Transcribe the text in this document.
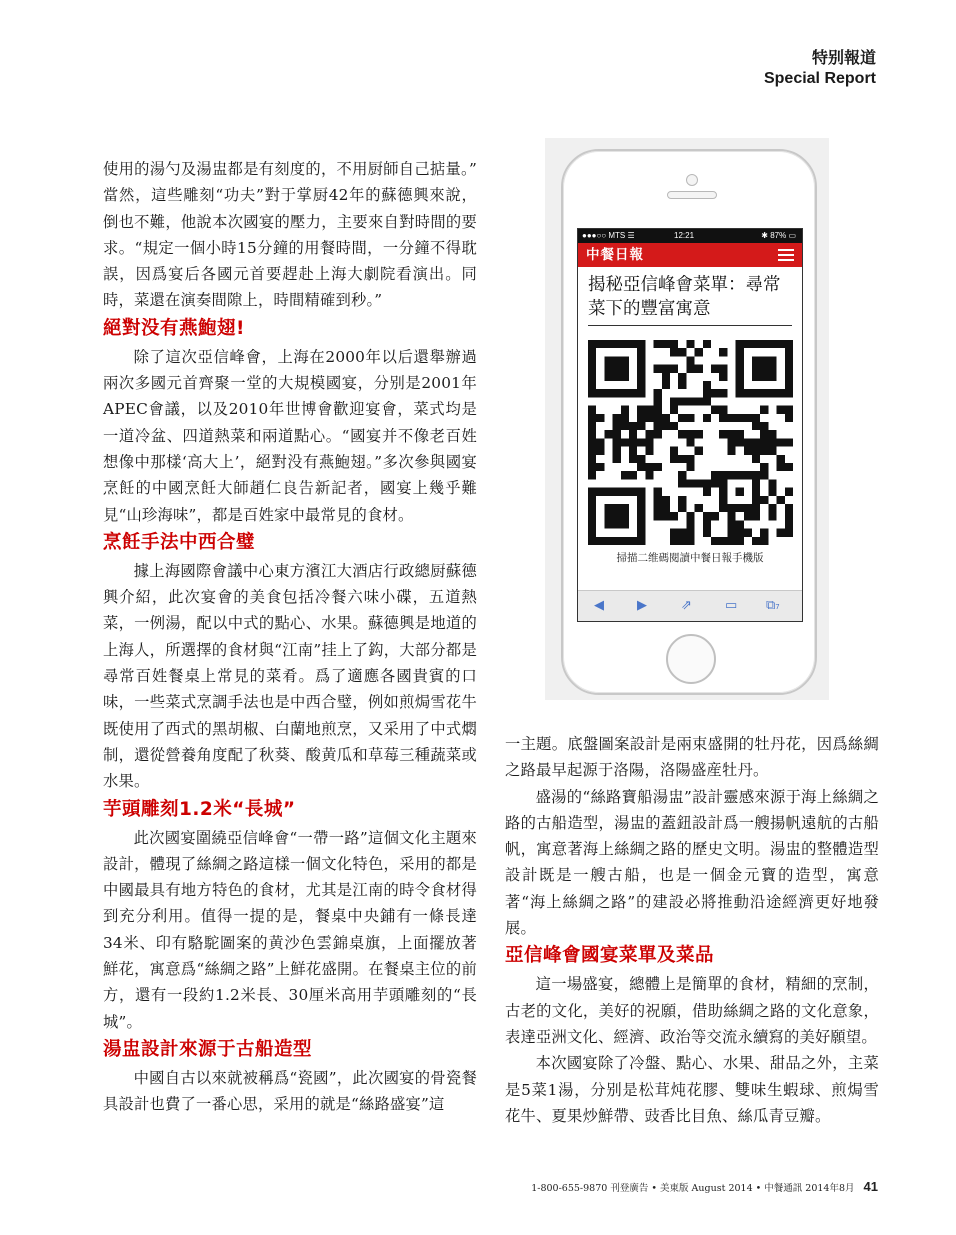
特别報道
Special Report

使用的湯勺及湯盅都是有刻度的，不用厨師自己掂量。” 當然，這些雕刻“功夫”對于掌厨42年的蘇德興來說，倒也不難，他說本次國宴的壓力，主要來自對時間的要求。“規定一個小時15分鐘的用餐時間，一分鐘不得耽誤，因爲宴后各國元首要趕赴上海大劇院看演出。同時，菜還在演奏間隙上，時間精確到秒。”

絕對没有燕鮑翅!

除了這次亞信峰會，上海在2000年以后還舉辦過兩次多國元首齊聚一堂的大規模國宴，分别是2001年APEC會議，以及2010年世博會歡迎宴會，菜式均是一道冷盆、四道熱菜和兩道點心。“國宴并不像老百姓想像中那樣‘高大上’，絕對没有燕鮑翅。”多次參與國宴烹飪的中國烹飪大師趙仁良告新記者，國宴上幾乎難見“山珍海味”，都是百姓家中最常見的食材。

烹飪手法中西合璧

據上海國際會議中心東方濱江大酒店行政總厨蘇德興介紹，此次宴會的美食包括冷餐六味小碟，五道熱菜，一例湯，配以中式的點心、水果。蘇德興是地道的上海人，所選擇的食材與“江南”挂上了鈎，大部分都是尋常百姓餐桌上常見的菜肴。爲了適應各國貴賓的口味，一些菜式烹調手法也是中西合璧，例如煎焗雪花牛既使用了西式的黑胡椒、白蘭地煎烹，又采用了中式燜制，還從營養角度配了秋葵、酸黄瓜和草莓三種蔬菜或水果。

芋頭雕刻1.2米“長城”

此次國宴圍繞亞信峰會“一帶一路”這個文化主題來設計，體現了絲綢之路這樣一個文化特色，采用的都是中國最具有地方特色的食材，尤其是江南的時令食材得到充分利用。值得一提的是，餐桌中央鋪有一條長達34米、印有駱駝圖案的黄沙色雲錦桌旗，上面擺放著鮮花，寓意爲“絲綢之路”上鮮花盛開。在餐桌主位的前方，還有一段約1.2米長、30厘米高用芋頭雕刻的“長城”。

湯盅設計來源于古船造型

中國自古以來就被稱爲“瓷國”，此次國宴的骨瓷餐具設計也費了一番心思，采用的就是“絲路盛宴”這

一主題。底盤圖案設計是兩束盛開的牡丹花，因爲絲綢之路最早起源于洛陽，洛陽盛産牡丹。

盛湯的“絲路寶船湯盅”設計靈感來源于海上絲綢之路的古船造型，湯盅的蓋鈕設計爲一艘揚帆遠航的古船帆，寓意著海上絲綢之路的歷史文明。湯盅的整體造型設計既是一艘古船，也是一個金元寶的造型，寓意著“海上絲綢之路”的建設必將推動沿途經濟更好地發展。

亞信峰會國宴菜單及菜品

這一場盛宴，總體上是簡單的食材，精細的烹制，古老的文化，美好的祝願，借助絲綢之路的文化意象，表達亞洲文化、經濟、政治等交流永續寫的美好願望。

本次國宴除了冷盤、點心、水果、甜品之外，主菜是5菜1湯，分别是松茸炖花膠、雙味生蝦球、煎焗雪花牛、夏果炒鮮帶、豉香比目魚、絲瓜青豆瓣。

●●●○○ MTS ☰	12:21	✱ 87% ▭
中餐日報
揭秘亞信峰會菜單：尋常菜下的豐富寓意
掃描二维碼閱讀中餐日報手機版
◀	▶	⇗	▭ ⧉7
1-800-655-9870 刊登廣告 • 美東版 August 2014 • 中餐通訊 2014年8月 41
